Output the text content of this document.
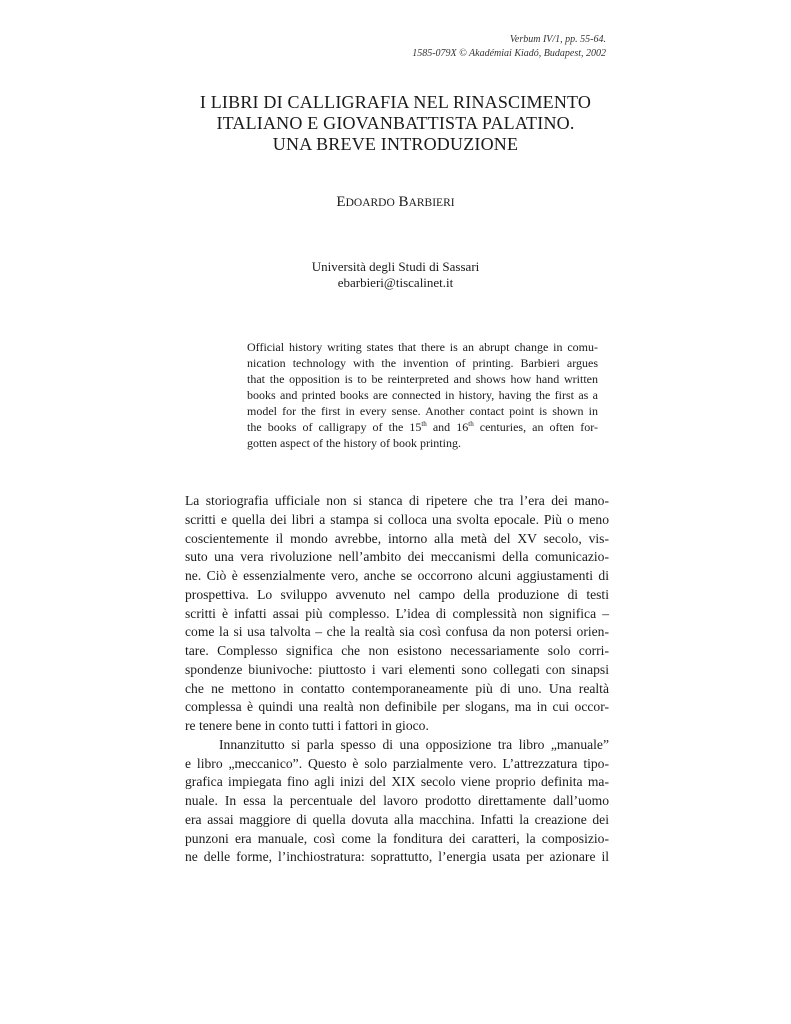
Verbum IV/1, pp. 55-64.
1585-079X © Akadémiai Kiadó, Budapest, 2002
I LIBRI DI CALLIGRAFIA NEL RINASCIMENTO
ITALIANO E GIOVANBATTISTA PALATINO.
UNA BREVE INTRODUZIONE
EDOARDO BARBIERI
Università degli Studi di Sassari
ebarbieri@tiscalinet.it
Official history writing states that there is an abrupt change in comu-
nication technology with the invention of printing. Barbieri argues
that the opposition is to be reinterpreted and shows how hand written
books and printed books are connected in history, having the first as a
model for the first in every sense. Another contact point is shown in
the books of calligrapy of the 15th and 16th centuries, an often for-
gotten aspect of the history of book printing.
La storiografia ufficiale non si stanca di ripetere che tra l’era dei mano-
scritti e quella dei libri a stampa si colloca una svolta epocale. Più o meno
coscientemente il mondo avrebbe, intorno alla metà del XV secolo, vis-
suto una vera rivoluzione nell’ambito dei meccanismi della comunicazio-
ne. Ciò è essenzialmente vero, anche se occorrono alcuni aggiustamenti di
prospettiva. Lo sviluppo avvenuto nel campo della produzione di testi
scritti è infatti assai più complesso. L’idea di complessità non significa –
come la si usa talvolta – che la realtà sia così confusa da non potersi orien-
tare. Complesso significa che non esistono necessariamente solo corri-
spondenze biunivoche: piuttosto i vari elementi sono collegati con sinapsi
che ne mettono in contatto contemporaneamente più di uno. Una realtà
complessa è quindi una realtà non definibile per slogans, ma in cui occor-
re tenere bene in conto tutti i fattori in gioco.
Innanzitutto si parla spesso di una opposizione tra libro „manuale”
e libro „meccanico”. Questo è solo parzialmente vero. L’attrezzatura tipo-
grafica impiegata fino agli inizi del XIX secolo viene proprio definita ma-
nuale. In essa la percentuale del lavoro prodotto direttamente dall’uomo
era assai maggiore di quella dovuta alla macchina. Infatti la creazione dei
punzoni era manuale, così come la fonditura dei caratteri, la composizio-
ne delle forme, l’inchiostratura: soprattutto, l’energia usata per azionare il
